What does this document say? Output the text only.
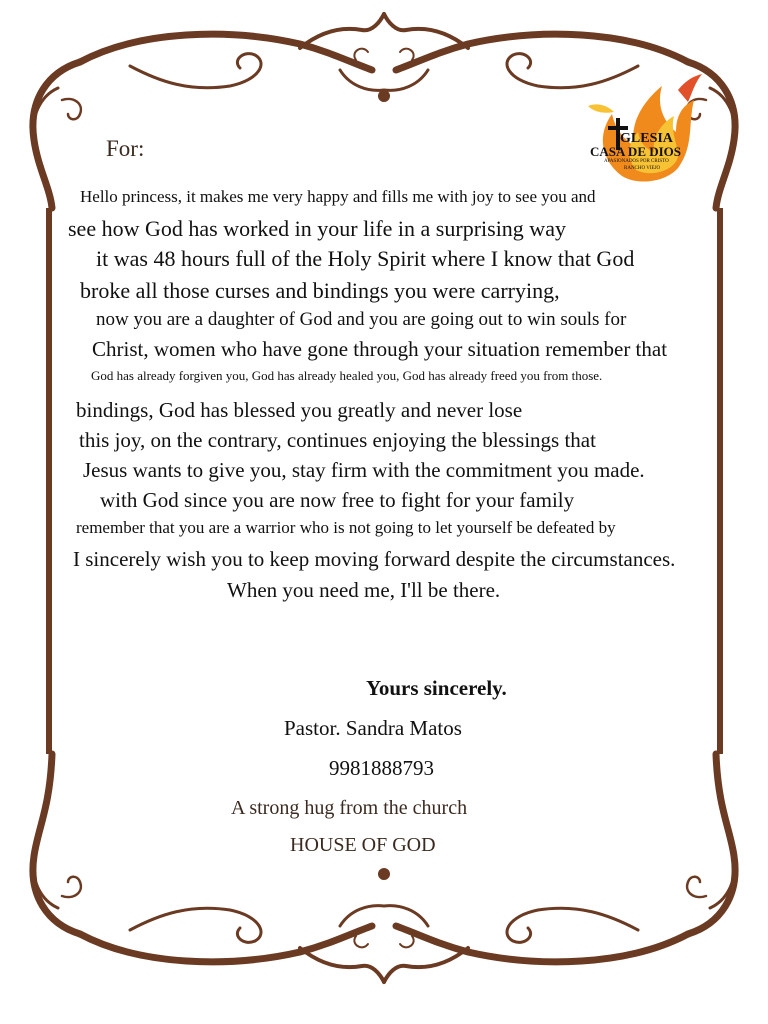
GLESIA
CASA DE DIOS
APASIONADOS POR CRISTO
RANCHO VIEJO
For:
Hello princess, it makes me very happy and fills me with joy to see you and
see how God has worked in your life in a surprising way
it was 48 hours full of the Holy Spirit where I know that God
broke all those curses and bindings you were carrying,
now you are a daughter of God and you are going out to win souls for
Christ, women who have gone through your situation remember that
God has already forgiven you, God has already healed you, God has already freed you from those.
bindings, God has blessed you greatly and never lose
this joy, on the contrary, continues enjoying the blessings that
Jesus wants to give you, stay firm with the commitment you made.
with God since you are now free to fight for your family
remember that you are a warrior who is not going to let yourself be defeated by
I sincerely wish you to keep moving forward despite the circumstances.
When you need me, I'll be there.
Yours sincerely.
Pastor. Sandra Matos
9981888793
A strong hug from the church
HOUSE OF GOD
